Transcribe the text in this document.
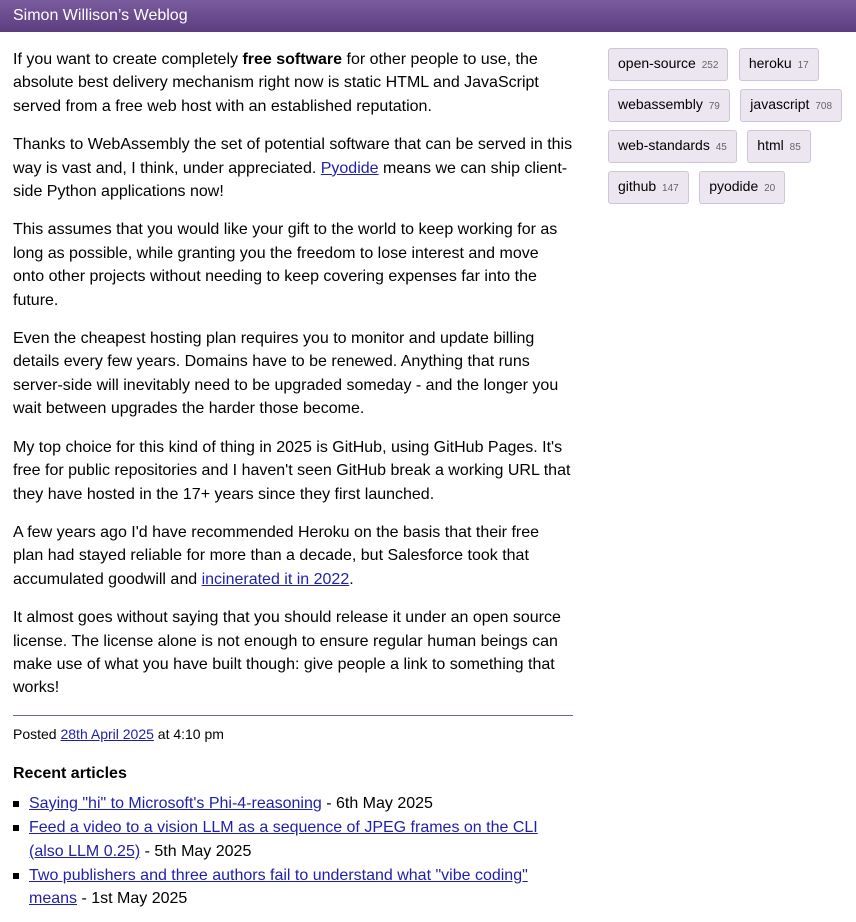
Simon Willison’s Weblog

If you want to create completely free software for other people to use, the absolute best delivery mechanism right now is static HTML and JavaScript served from a free web host with an established reputation.

Thanks to WebAssembly the set of potential software that can be served in this way is vast and, I think, under appreciated. Pyodide means we can ship client-side Python applications now!

This assumes that you would like your gift to the world to keep working for as long as possible, while granting you the freedom to lose interest and move onto other projects without needing to keep covering expenses far into the future.

Even the cheapest hosting plan requires you to monitor and update billing details every few years. Domains have to be renewed. Anything that runs server-side will inevitably need to be upgraded someday - and the longer you wait between upgrades the harder those become.

My top choice for this kind of thing in 2025 is GitHub, using GitHub Pages. It's free for public repositories and I haven't seen GitHub break a working URL that they have hosted in the 17+ years since they first launched.

A few years ago I'd have recommended Heroku on the basis that their free plan had stayed reliable for more than a decade, but Salesforce took that accumulated goodwill and incinerated it in 2022.

It almost goes without saying that you should release it under an open source license. The license alone is not enough to ensure regular human beings can make use of what you have built though: give people a link to something that works!

Posted 28th April 2025 at 4:10 pm
Recent articles
Saying "hi" to Microsoft's Phi-4-reasoning - 6th May 2025
Feed a video to a vision LLM as a sequence of JPEG frames on the CLI (also LLM 0.25) - 5th May 2025
Two publishers and three authors fail to understand what "vibe coding" means - 1st May 2025
open-source 252 heroku 17 webassembly 79 javascript 708 web-standards 45 html 85 github 147 pyodide 20
